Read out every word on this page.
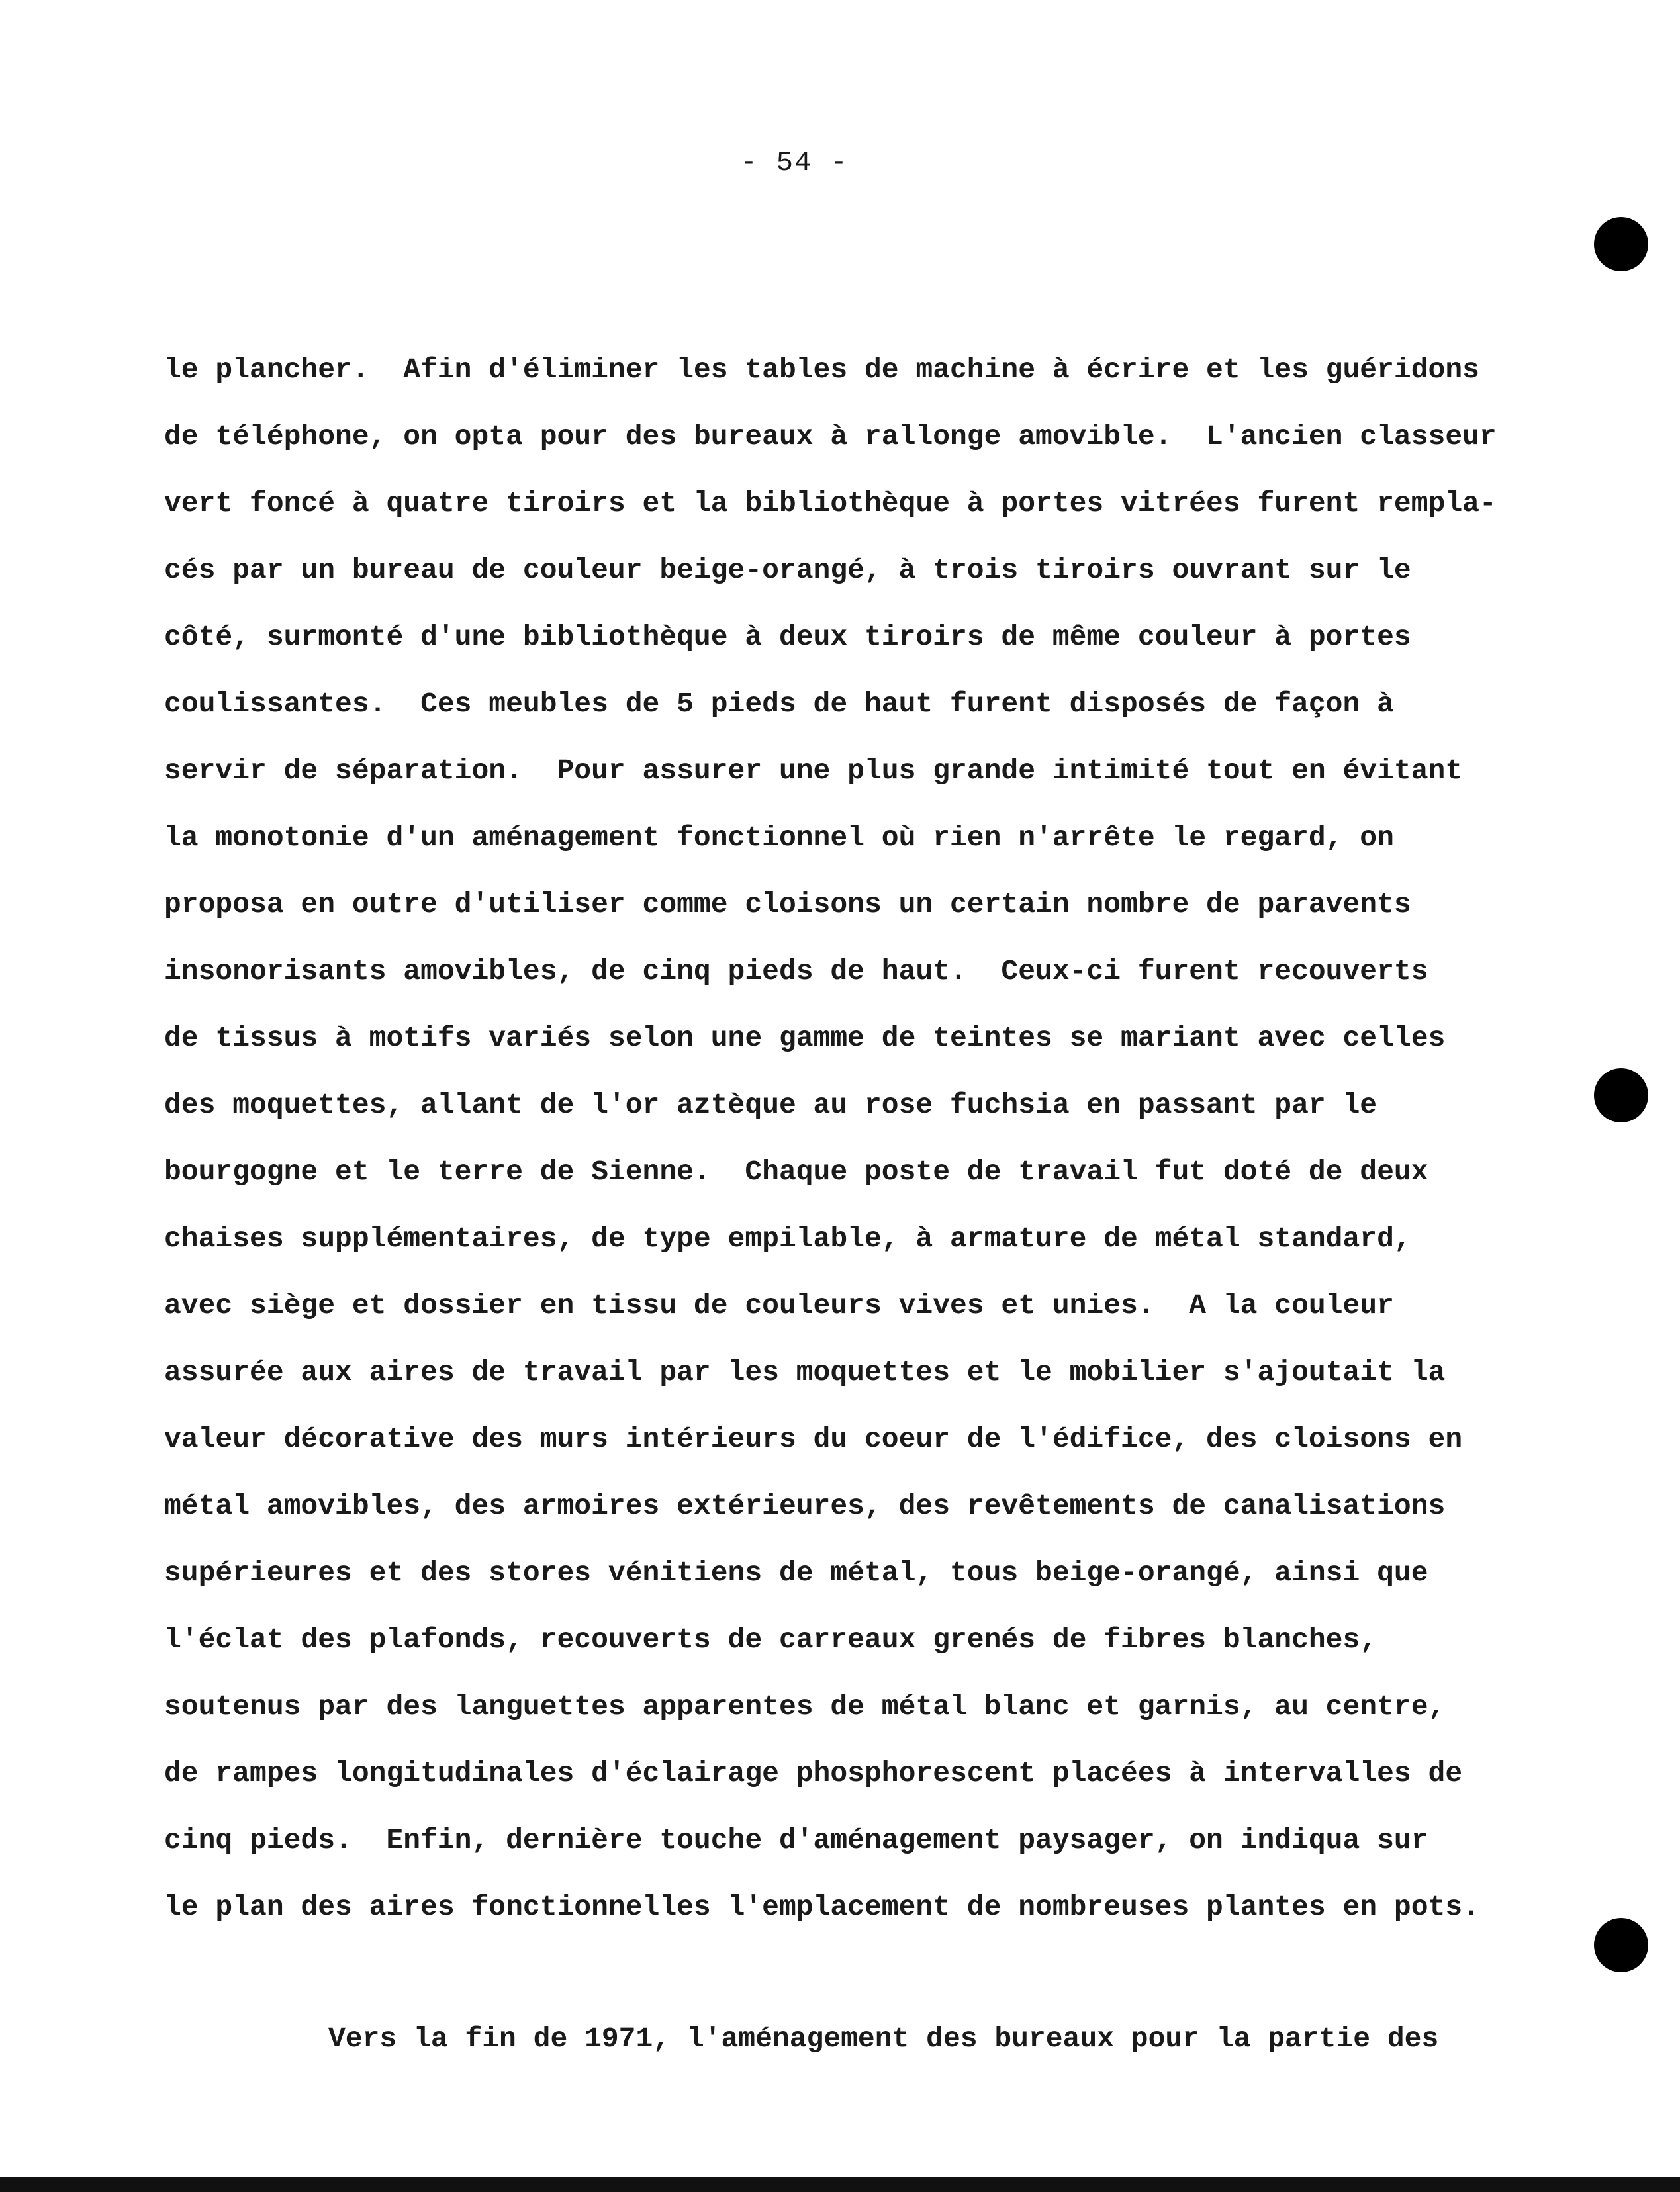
- 54 -
le plancher.  Afin d'éliminer les tables de machine à écrire et les guéridons
de téléphone, on opta pour des bureaux à rallonge amovible.  L'ancien classeur
vert foncé à quatre tiroirs et la bibliothèque à portes vitrées furent rempla-
cés par un bureau de couleur beige-orangé, à trois tiroirs ouvrant sur le
côté, surmonté d'une bibliothèque à deux tiroirs de même couleur à portes
coulissantes.  Ces meubles de 5 pieds de haut furent disposés de façon à
servir de séparation.  Pour assurer une plus grande intimité tout en évitant
la monotonie d'un aménagement fonctionnel où rien n'arrête le regard, on
proposa en outre d'utiliser comme cloisons un certain nombre de paravents
insonorisants amovibles, de cinq pieds de haut.  Ceux-ci furent recouverts
de tissus à motifs variés selon une gamme de teintes se mariant avec celles
des moquettes, allant de l'or aztèque au rose fuchsia en passant par le
bourgogne et le terre de Sienne.  Chaque poste de travail fut doté de deux
chaises supplémentaires, de type empilable, à armature de métal standard,
avec siège et dossier en tissu de couleurs vives et unies.  A la couleur
assurée aux aires de travail par les moquettes et le mobilier s'ajoutait la
valeur décorative des murs intérieurs du coeur de l'édifice, des cloisons en
métal amovibles, des armoires extérieures, des revêtements de canalisations
supérieures et des stores vénitiens de métal, tous beige-orangé, ainsi que
l'éclat des plafonds, recouverts de carreaux grenés de fibres blanches,
soutenus par des languettes apparentes de métal blanc et garnis, au centre,
de rampes longitudinales d'éclairage phosphorescent placées à intervalles de
cinq pieds.  Enfin, dernière touche d'aménagement paysager, on indiqua sur
le plan des aires fonctionnelles l'emplacement de nombreuses plantes en pots.
Vers la fin de 1971, l'aménagement des bureaux pour la partie des
